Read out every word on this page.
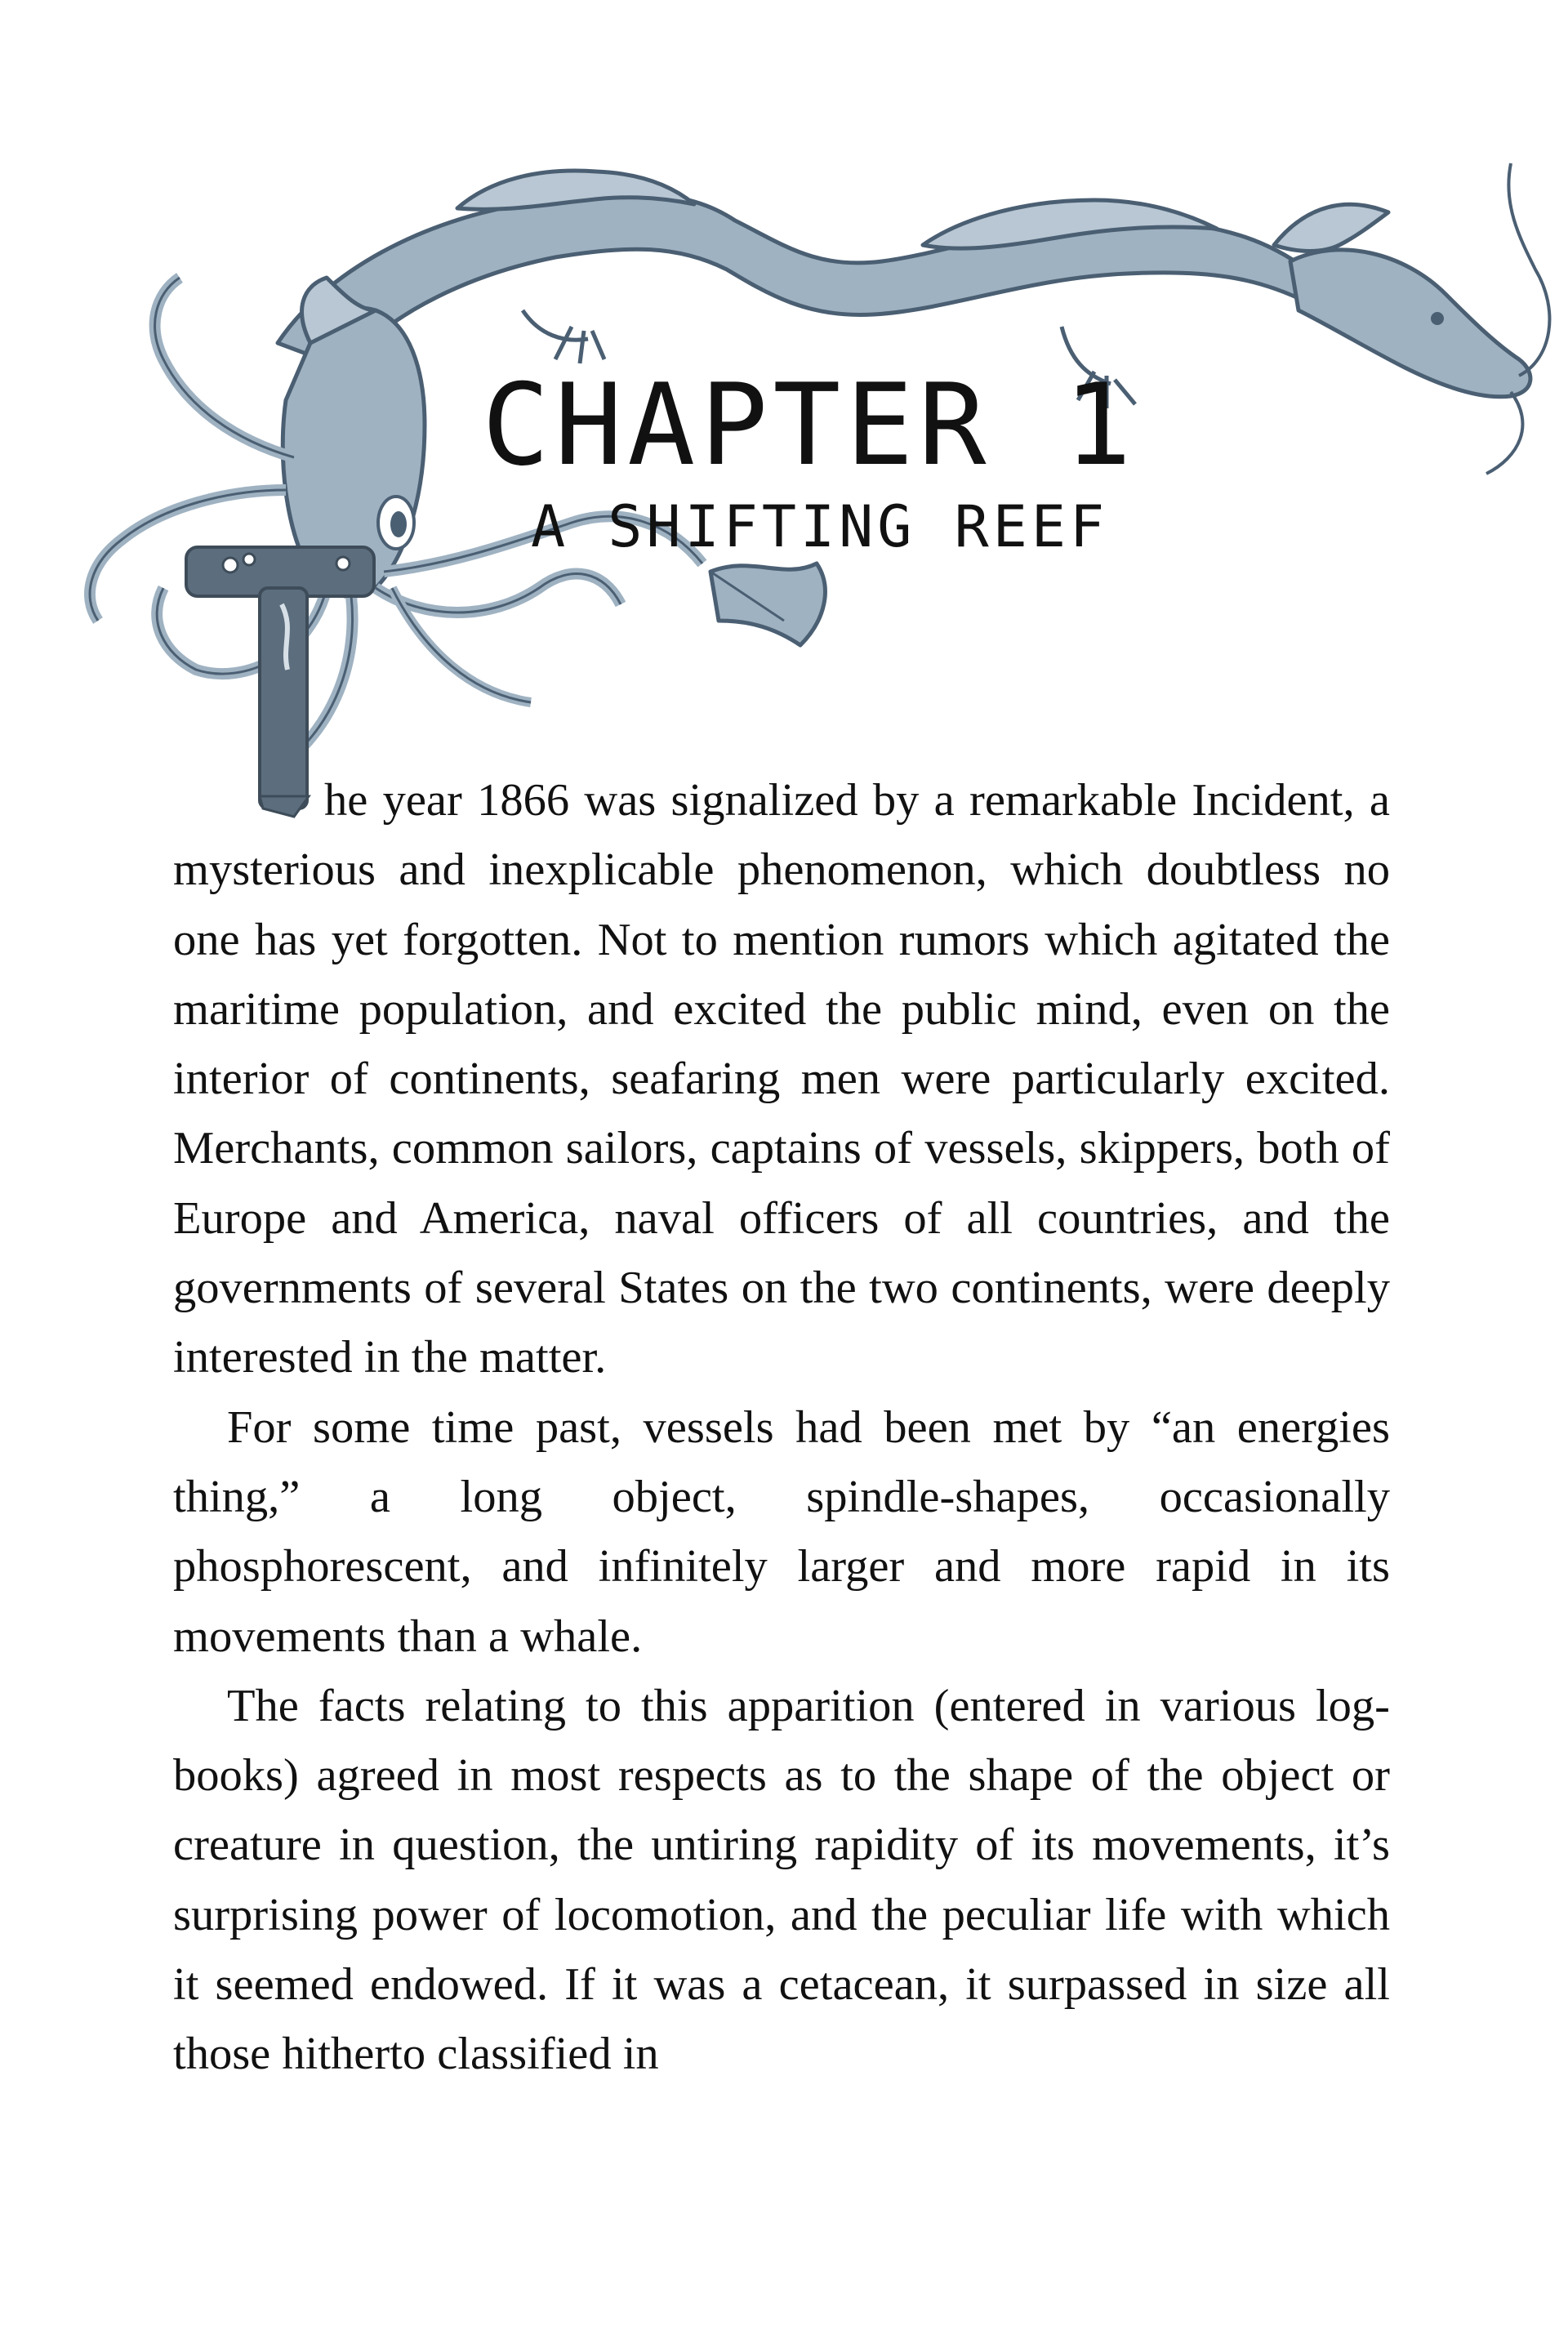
CHAPTER 1
A SHIFTING REEF

he year 1866 was signalized by a remarkable Incident, a mysterious and inexplicable phenomenon, which doubtless no one has yet forgotten. Not to mention rumors which agitated the maritime population, and excited the public mind, even on the interior of continents, seafaring men were particularly excited. Merchants, common sailors, captains of vessels, skippers, both of Europe and America, naval officers of all countries, and the governments of several States on the two continents, were deeply interested in the matter.

For some time past, vessels had been met by “an energies thing,” a long object, spindle-shapes, occasionally phosphorescent, and infinitely larger and more rapid in its movements than a whale.

The facts relating to this apparition (entered in various log-books) agreed in most respects as to the shape of the object or creature in question, the untiring rapidity of its movements, it’s surprising power of locomotion, and the peculiar life with which it seemed endowed. If it was a cetacean, it surpassed in size all those hitherto classified in
